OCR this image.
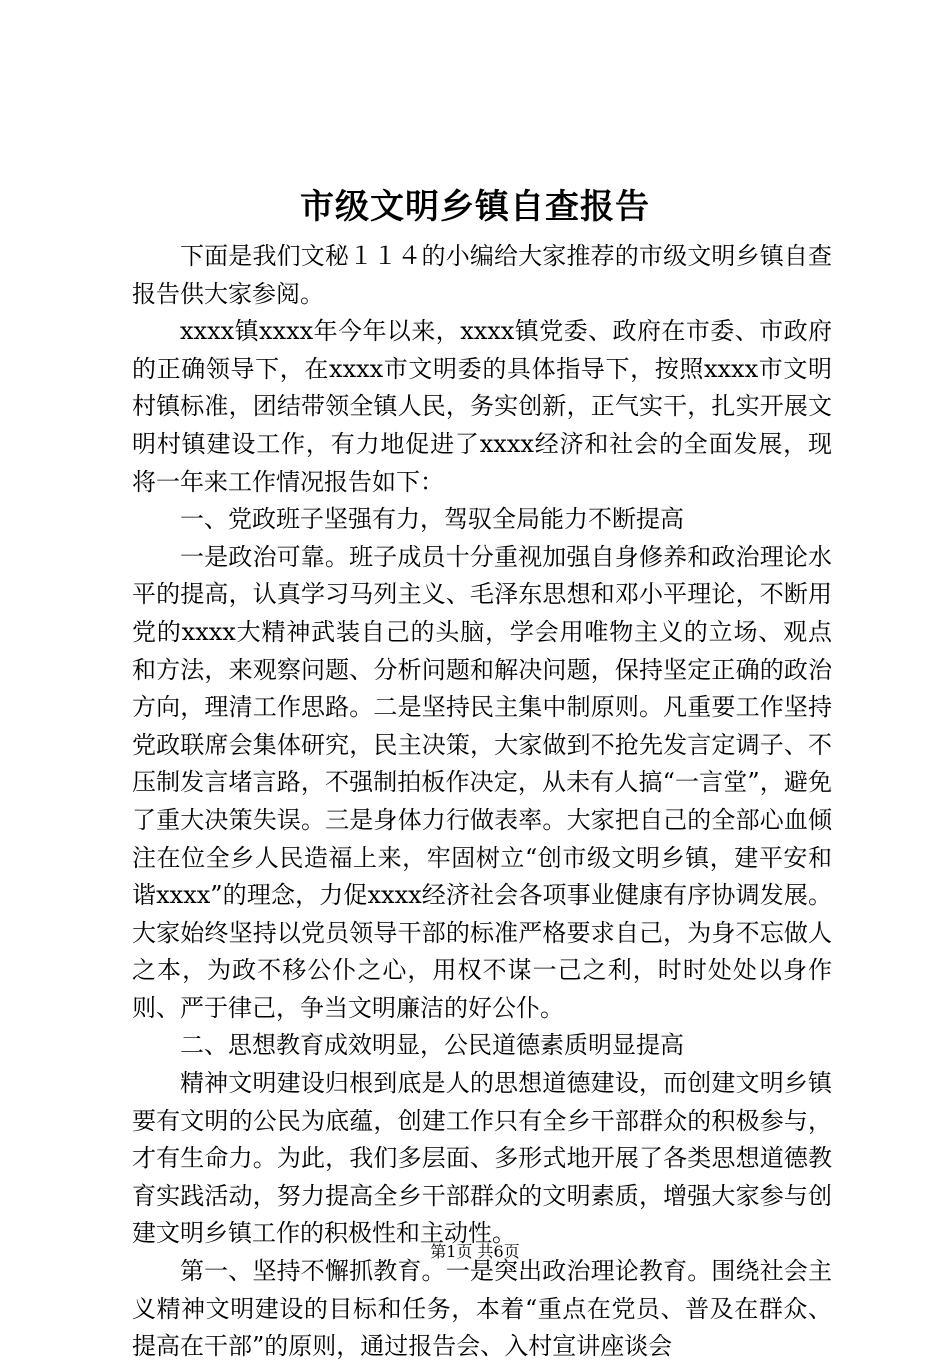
市级文明乡镇自查报告

下面是我们文秘１１４的小编给大家推荐的市级文明乡镇自查报告供大家参阅。

xxxx镇xxxx年今年以来，xxxx镇党委、政府在市委、市政府的正确领导下，在xxxx市文明委的具体指导下，按照xxxx市文明村镇标准，团结带领全镇人民，务实创新，正气实干，扎实开展文明村镇建设工作，有力地促进了xxxx经济和社会的全面发展，现将一年来工作情况报告如下：

一、党政班子坚强有力，驾驭全局能力不断提高

一是政治可靠。班子成员十分重视加强自身修养和政治理论水平的提高，认真学习马列主义、毛泽东思想和邓小平理论，不断用党的xxxx大精神武装自己的头脑，学会用唯物主义的立场、观点和方法，来观察问题、分析问题和解决问题，保持坚定正确的政治方向，理清工作思路。二是坚持民主集中制原则。凡重要工作坚持党政联席会集体研究，民主决策，大家做到不抢先发言定调子、不压制发言堵言路，不强制拍板作决定，从未有人搞“一言堂”，避免了重大决策失误。三是身体力行做表率。大家把自己的全部心血倾注在位全乡人民造福上来，牢固树立“创市级文明乡镇，建平安和谐xxxx”的理念，力促xxxx经济社会各项事业健康有序协调发展。大家始终坚持以党员领导干部的标准严格要求自己，为身不忘做人之本，为政不移公仆之心，用权不谋一己之利，时时处处以身作则、严于律己，争当文明廉洁的好公仆。

二、思想教育成效明显，公民道德素质明显提高

精神文明建设归根到底是人的思想道德建设，而创建文明乡镇要有文明的公民为底蕴，创建工作只有全乡干部群众的积极参与，才有生命力。为此，我们多层面、多形式地开展了各类思想道德教育实践活动，努力提高全乡干部群众的文明素质，增强大家参与创建文明乡镇工作的积极性和主动性。

第一、坚持不懈抓教育。一是突出政治理论教育。围绕社会主义精神文明建设的目标和任务，本着“重点在党员、普及在群众、提高在干部”的原则，通过报告会、入村宣讲座谈会

第1页 共6页
